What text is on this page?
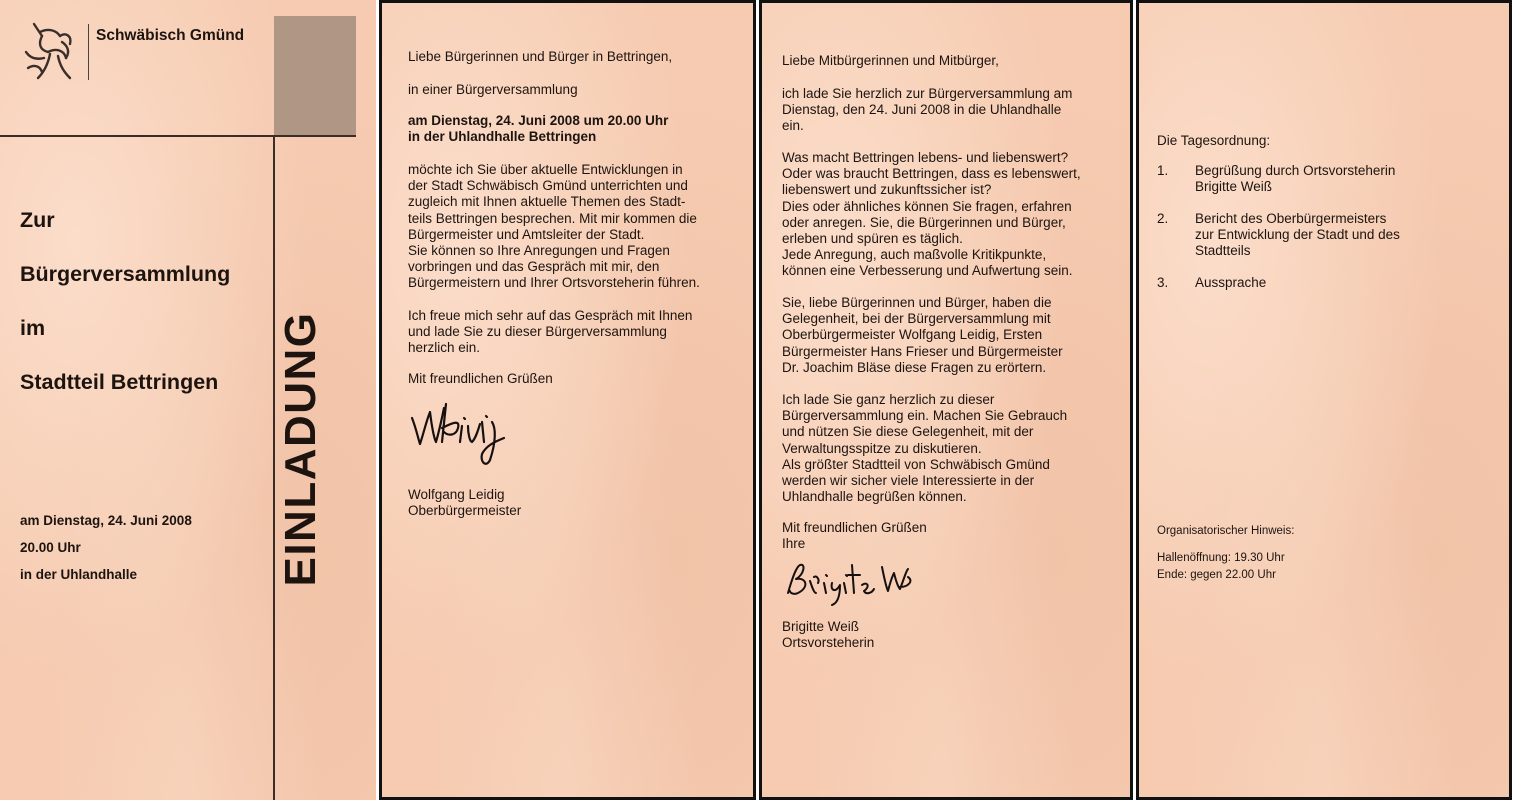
Schwäbisch Gmünd
Zur
Bürgerversammlung
im
Stadtteil Bettringen
am Dienstag, 24. Juni 2008
20.00 Uhr
in der Uhlandhalle	EINLADUNG
Liebe Bürgerinnen und Bürger in Bettringen,
in einer Bürgerversammlung
am Dienstag, 24. Juni 2008 um 20.00 Uhr
in der Uhlandhalle Bettringen
möchte ich Sie über aktuelle Entwicklungen in
der Stadt Schwäbisch Gmünd unterrichten und
zugleich mit Ihnen aktuelle Themen des Stadt-
teils Bettringen besprechen. Mit mir kommen die
Bürgermeister und Amtsleiter der Stadt.
Sie können so Ihre Anregungen und Fragen
vorbringen und das Gespräch mit mir, den
Bürgermeistern und Ihrer Ortsvorsteherin führen.
Ich freue mich sehr auf das Gespräch mit Ihnen
und lade Sie zu dieser Bürgerversammlung
herzlich ein.
Mit freundlichen Grüßen
Wolfgang Leidig
Oberbürgermeister
Liebe Mitbürgerinnen und Mitbürger,
ich lade Sie herzlich zur Bürgerversammlung am
Dienstag, den 24. Juni 2008 in die Uhlandhalle
ein.
Was macht Bettringen lebens- und liebenswert?
Oder was braucht Bettringen, dass es lebenswert,
liebenswert und zukunftssicher ist?
Dies oder ähnliches können Sie fragen, erfahren
oder anregen. Sie, die Bürgerinnen und Bürger,
erleben und spüren es täglich.
Jede Anregung, auch maßvolle Kritikpunkte,
können eine Verbesserung und Aufwertung sein.
Sie, liebe Bürgerinnen und Bürger, haben die
Gelegenheit, bei der Bürgerversammlung mit
Oberbürgermeister Wolfgang Leidig, Ersten
Bürgermeister Hans Frieser und Bürgermeister
Dr. Joachim Bläse diese Fragen zu erörtern.
Ich lade Sie ganz herzlich zu dieser
Bürgerversammlung ein. Machen Sie Gebrauch
und nützen Sie diese Gelegenheit, mit der
Verwaltungsspitze zu diskutieren.
Als größter Stadtteil von Schwäbisch Gmünd
werden wir sicher viele Interessierte in der
Uhlandhalle begrüßen können.
Mit freundlichen Grüßen
Ihre
Brigitte Weiß
Ortsvorsteherin
Die Tagesordnung:
1. Begrüßung durch Ortsvorsteherin
Brigitte Weiß
2. Bericht des Oberbürgermeisters
zur Entwicklung der Stadt und des
Stadtteils
3. Aussprache
Organisatorischer Hinweis:
Hallenöffnung: 19.30 Uhr
Ende: gegen 22.00 Uhr
